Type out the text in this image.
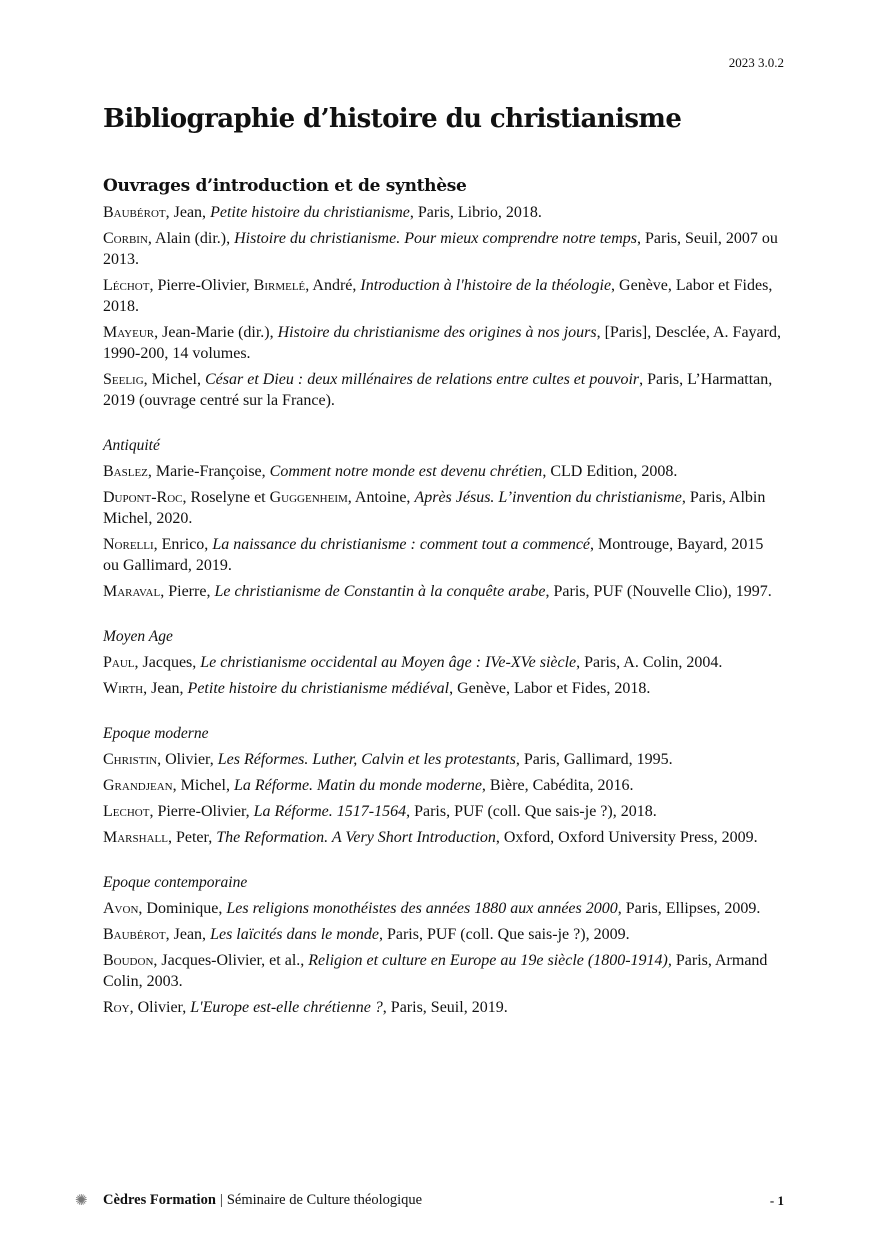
2023 3.0.2
Bibliographie d’histoire du christianisme
Ouvrages d’introduction et de synthèse

Baubérot, Jean, Petite histoire du christianisme, Paris, Librio, 2018.

Corbin, Alain (dir.), Histoire du christianisme. Pour mieux comprendre notre temps, Paris, Seuil, 2007 ou 2013.

Léchot, Pierre-Olivier, Birmelé, André, Introduction à l'histoire de la théologie, Genève, Labor et Fides, 2018.

Mayeur, Jean-Marie (dir.), Histoire du christianisme des origines à nos jours, [Paris], Desclée, A. Fayard, 1990-200, 14 volumes.

Seelig, Michel, César et Dieu : deux millénaires de relations entre cultes et pouvoir, Paris, L’Harmattan, 2019 (ouvrage centré sur la France).

Antiquité

Baslez, Marie-Françoise, Comment notre monde est devenu chrétien, CLD Edition, 2008.

Dupont-Roc, Roselyne et Guggenheim, Antoine, Après Jésus. L’invention du christianisme, Paris, Albin Michel, 2020.

Norelli, Enrico, La naissance du christianisme : comment tout a commencé, Montrouge, Bayard, 2015 ou Gallimard, 2019.

Maraval, Pierre, Le christianisme de Constantin à la conquête arabe, Paris, PUF (Nouvelle Clio), 1997.

Moyen Age

Paul, Jacques, Le christianisme occidental au Moyen âge : IVe-XVe siècle, Paris, A. Colin, 2004.

Wirth, Jean, Petite histoire du christianisme médiéval, Genève, Labor et Fides, 2018.

Epoque moderne

Christin, Olivier, Les Réformes. Luther, Calvin et les protestants, Paris, Gallimard, 1995.

Grandjean, Michel, La Réforme. Matin du monde moderne, Bière, Cabédita, 2016.

Lechot, Pierre-Olivier, La Réforme. 1517-1564, Paris, PUF (coll. Que sais-je ?), 2018.

Marshall, Peter, The Reformation. A Very Short Introduction, Oxford, Oxford University Press, 2009.

Epoque contemporaine

Avon, Dominique, Les religions monothéistes des années 1880 aux années 2000, Paris, Ellipses, 2009.

Baubérot, Jean, Les laïcités dans le monde, Paris, PUF (coll. Que sais-je ?), 2009.

Boudon, Jacques-Olivier, et al., Religion et culture en Europe au 19e siècle (1800-1914), Paris, Armand Colin, 2003.

Roy, Olivier, L'Europe est-elle chrétienne ?, Paris, Seuil, 2019.

✺ Cèdres Formation | Séminaire de Culture théologique	- 1
